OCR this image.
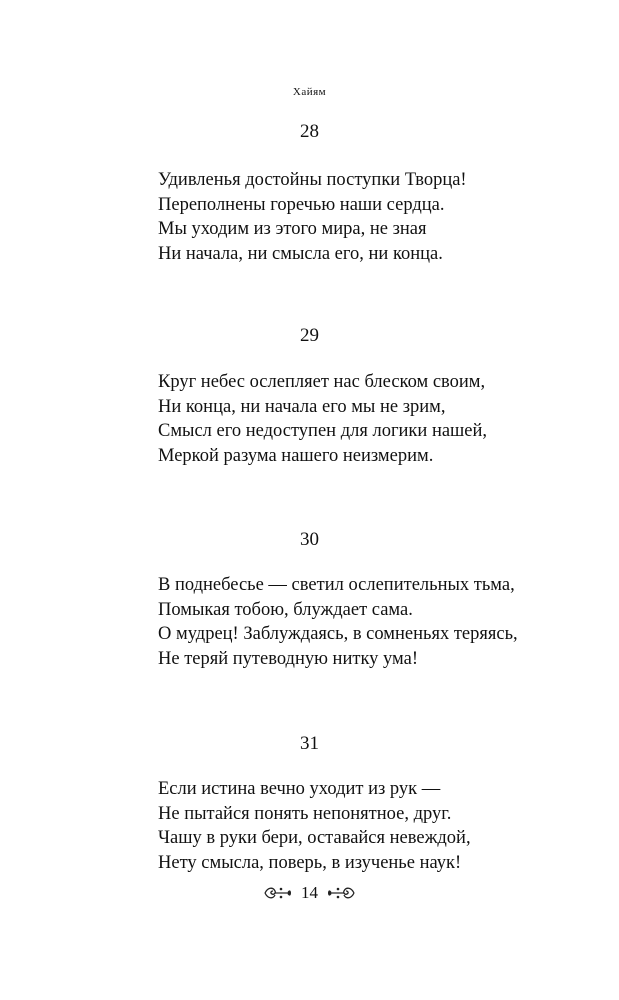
Хайям

28

Удивленья достойны поступки Творца!
Переполнены горечью наши сердца.
Мы уходим из этого мира, не зная
Ни начала, ни смысла его, ни конца.

29

Круг небес ослепляет нас блеском своим,
Ни конца, ни начала его мы не зрим,
Смысл его недоступен для логики нашей,
Меркой разума нашего неизмерим.

30

В поднебесье — светил ослепительных тьма,
Помыкая тобою, блуждает сама.
О мудрец! Заблуждаясь, в сомненьях теряясь,
Не теряй путеводную нитку ума!

31

Если истина вечно уходит из рук —
Не пытайся понять непонятное, друг.
Чашу в руки бери, оставайся невеждой,
Нету смысла, поверь, в изученье наук!

14
